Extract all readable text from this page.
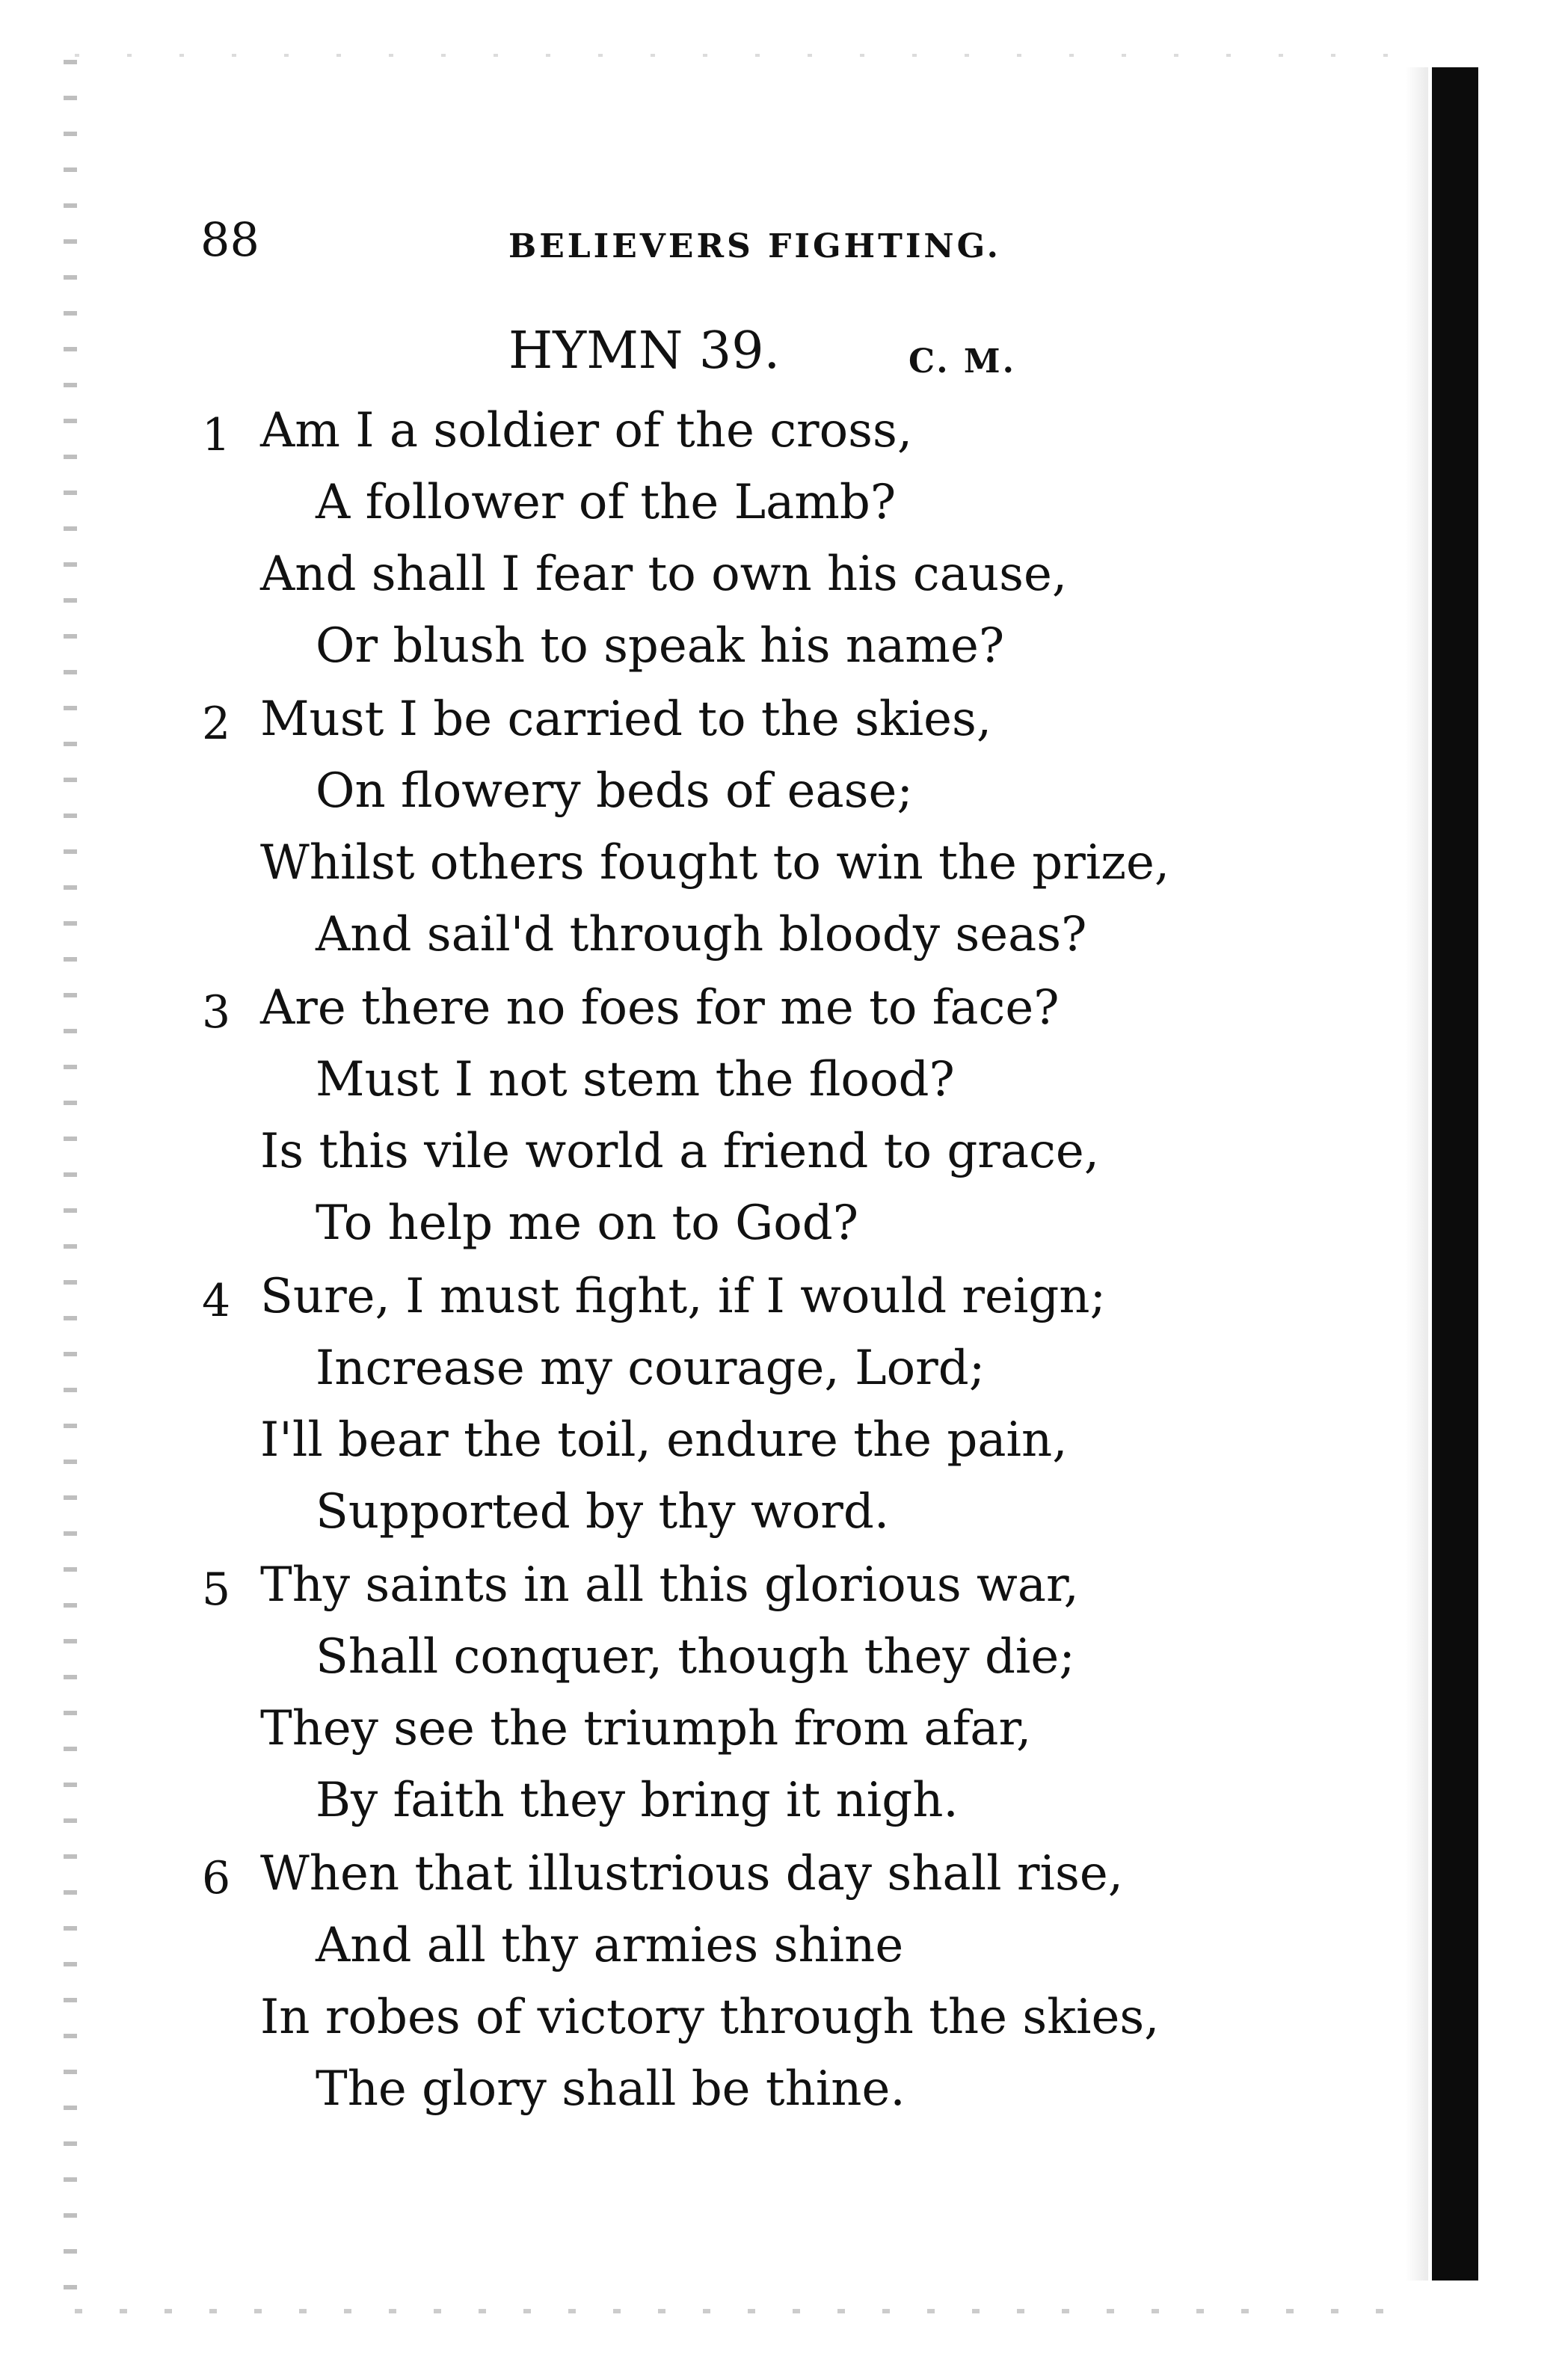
88	BELIEVERS FIGHTING.
HYMN 39.	C. M.
1 Am I a soldier of the cross,
A follower of the Lamb?
And shall I fear to own his cause,
Or blush to speak his name?
2 Must I be carried to the skies,
On flowery beds of ease;
Whilst others fought to win the prize,
And sail'd through bloody seas?
3 Are there no foes for me to face?
Must I not stem the flood?
Is this vile world a friend to grace,
To help me on to God?
4 Sure, I must fight, if I would reign;
Increase my courage, Lord;
I'll bear the toil, endure the pain,
Supported by thy word.
5 Thy saints in all this glorious war,
Shall conquer, though they die;
They see the triumph from afar,
By faith they bring it nigh.
6 When that illustrious day shall rise,
And all thy armies shine
In robes of victory through the skies,
The glory shall be thine.
